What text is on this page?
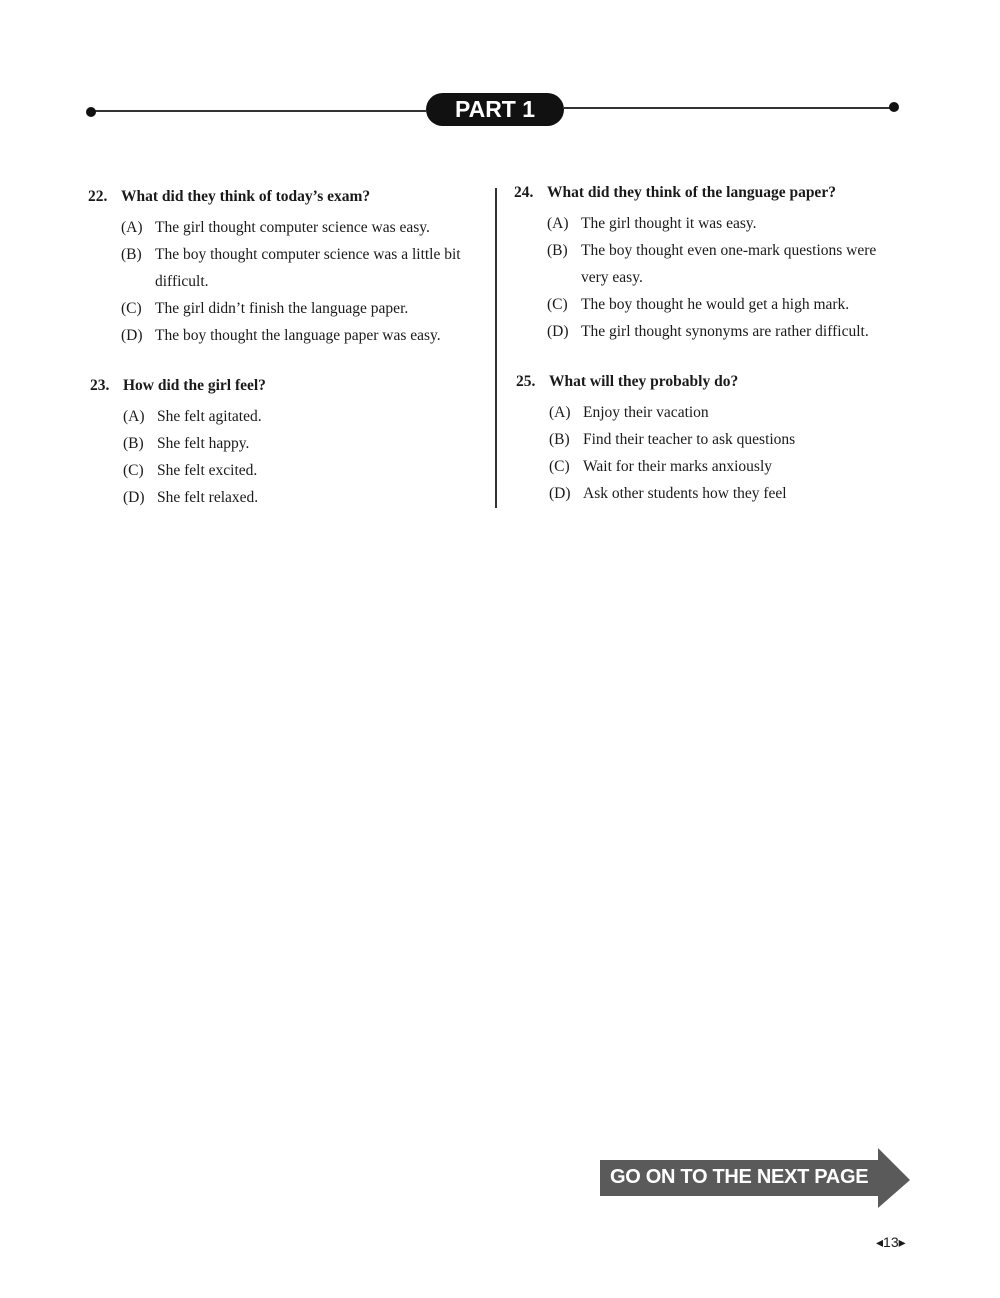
PART 1
22. What did they think of today’s exam?
(A) The girl thought computer science was easy.
(B) The boy thought computer science was a little bit
difficult.
(C) The girl didn’t finish the language paper.
(D) The boy thought the language paper was easy.
23. How did the girl feel?
(A) She felt agitated.
(B) She felt happy.
(C) She felt excited.
(D) She felt relaxed.
24. What did they think of the language paper?
(A) The girl thought it was easy.
(B) The boy thought even one-mark questions were
very easy.
(C) The boy thought he would get a high mark.
(D) The girl thought synonyms are rather difficult.
25. What will they probably do?
(A) Enjoy their vacation
(B) Find their teacher to ask questions
(C) Wait for their marks anxiously
(D) Ask other students how they feel
GO ON TO THE NEXT PAGE
◂13▸
